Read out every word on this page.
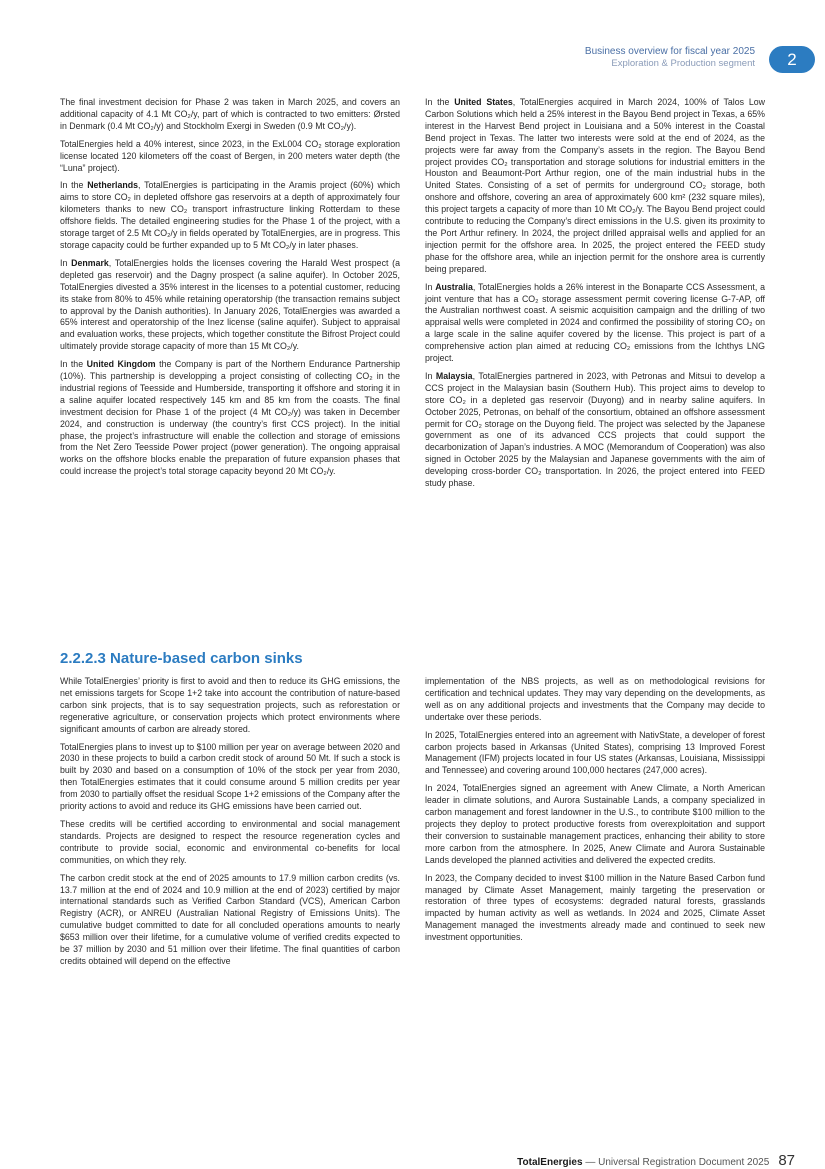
Business overview for fiscal year 2025
Exploration & Production segment	2

The final investment decision for Phase 2 was taken in March 2025, and covers an additional capacity of 4.1 Mt CO₂/y, part of which is contracted to two emitters: Ørsted in Denmark (0.4 Mt CO₂/y) and Stockholm Exergi in Sweden (0.9 Mt CO₂/y).

TotalEnergies held a 40% interest, since 2023, in the ExL004 CO₂ storage exploration license located 120 kilometers off the coast of Bergen, in 200 meters water depth (the “Luna” project).

In the Netherlands, TotalEnergies is participating in the Aramis project (60%) which aims to store CO₂ in depleted offshore gas reservoirs at a depth of approximately four kilometers thanks to new CO₂ transport infrastructure linking Rotterdam to these offshore fields. The detailed engineering studies for the Phase 1 of the project, with a storage target of 2.5 Mt CO₂/y in fields operated by TotalEnergies, are in progress. This storage capacity could be further expanded up to 5 Mt CO₂/y in later phases.

In Denmark, TotalEnergies holds the licenses covering the Harald West prospect (a depleted gas reservoir) and the Dagny prospect (a saline aquifer). In October 2025, TotalEnergies divested a 35% interest in the licenses to a potential customer, reducing its stake from 80% to 45% while retaining operatorship (the transaction remains subject to approval by the Danish authorities). In January 2026, TotalEnergies was awarded a 65% interest and operatorship of the Inez license (saline aquifer). Subject to appraisal and evaluation works, these projects, which together constitute the Bifrost Project could ultimately provide storage capacity of more than 15 Mt CO₂/y.

In the United Kingdom the Company is part of the Northern Endurance Partnership (10%). This partnership is developping a project consisting of collecting CO₂ in the industrial regions of Teesside and Humberside, transporting it offshore and storing it in a saline aquifer located respectively 145 km and 85 km from the coasts. The final investment decision for Phase 1 of the project (4 Mt CO₂/y) was taken in December 2024, and construction is underway (the country’s first CCS project). In the initial phase, the project’s infrastructure will enable the collection and storage of emissions from the Net Zero Teesside Power project (power generation). The ongoing appraisal works on the offshore blocks enable the preparation of future expansion phases that could increase the project’s total storage capacity beyond 20 Mt CO₂/y.

In the United States, TotalEnergies acquired in March 2024, 100% of Talos Low Carbon Solutions which held a 25% interest in the Bayou Bend project in Texas, a 65% interest in the Harvest Bend project in Louisiana and a 50% interest in the Coastal Bend project in Texas. The latter two interests were sold at the end of 2024, as the projects were far away from the Company’s assets in the region. The Bayou Bend project provides CO₂ transportation and storage solutions for industrial emitters in the Houston and Beaumont-Port Arthur region, one of the main industrial hubs in the United States. Consisting of a set of permits for underground CO₂ storage, both onshore and offshore, covering an area of approximately 600 km² (232 square miles), this project targets a capacity of more than 10 Mt CO₂/y. The Bayou Bend project could contribute to reducing the Company’s direct emissions in the U.S. given its proximity to the Port Arthur refinery. In 2024, the project drilled appraisal wells and applied for an injection permit for the offshore area. In 2025, the project entered the FEED study phase for the offshore area, while an injection permit for the onshore area is currently being prepared.

In Australia, TotalEnergies holds a 26% interest in the Bonaparte CCS Assessment, a joint venture that has a CO₂ storage assessment permit covering license G-7-AP, off the Australian northwest coast. A seismic acquisition campaign and the drilling of two appraisal wells were completed in 2024 and confirmed the possibility of storing CO₂ on a large scale in the saline aquifer covered by the license. This project is part of a comprehensive action plan aimed at reducing CO₂ emissions from the Ichthys LNG project.

In Malaysia, TotalEnergies partnered in 2023, with Petronas and Mitsui to develop a CCS project in the Malaysian basin (Southern Hub). This project aims to develop to store CO₂ in a depleted gas reservoir (Duyong) and in nearby saline aquifers. In October 2025, Petronas, on behalf of the consortium, obtained an offshore assessment permit for CO₂ storage on the Duyong field. The project was selected by the Japanese government as one of its advanced CCS projects that could support the decarbonization of Japan’s industries. A MOC (Memorandum of Cooperation) was also signed in October 2025 by the Malaysian and Japanese governments with the aim of developing cross-border CO₂ transportation. In 2026, the project entered into FEED study phase.

2.2.2.3 Nature-based carbon sinks

While TotalEnergies’ priority is first to avoid and then to reduce its GHG emissions, the net emissions targets for Scope 1+2 take into account the contribution of nature-based carbon sink projects, that is to say sequestration projects, such as reforestation or regenerative agriculture, or conservation projects which protect environments where significant amounts of carbon are already stored.

TotalEnergies plans to invest up to $100 million per year on average between 2020 and 2030 in these projects to build a carbon credit stock of around 50 Mt. If such a stock is built by 2030 and based on a consumption of 10% of the stock per year from 2030, then TotalEnergies estimates that it could consume around 5 million credits per year from 2030 to partially offset the residual Scope 1+2 emissions of the Company after the priority actions to avoid and reduce its GHG emissions have been carried out.

These credits will be certified according to environmental and social management standards. Projects are designed to respect the resource regeneration cycles and contribute to provide social, economic and environmental co-benefits for local communities, on which they rely.

The carbon credit stock at the end of 2025 amounts to 17.9 million carbon credits (vs. 13.7 million at the end of 2024 and 10.9 million at the end of 2023) certified by major international standards such as Verified Carbon Standard (VCS), American Carbon Registry (ACR), or ANREU (Australian National Registry of Emissions Units). The cumulative budget committed to date for all concluded operations amounts to nearly $653 million over their lifetime, for a cumulative volume of verified credits expected to be 37 million by 2030 and 51 million over their lifetime. The final quantities of carbon credits obtained will depend on the effective

implementation of the NBS projects, as well as on methodological revisions for certification and technical updates. They may vary depending on the developments, as well as on any additional projects and investments that the Company may decide to undertake over these periods.

In 2025, TotalEnergies entered into an agreement with NativState, a developer of forest carbon projects based in Arkansas (United States), comprising 13 Improved Forest Management (IFM) projects located in four US states (Arkansas, Louisiana, Mississippi and Tennessee) and covering around 100,000 hectares (247,000 acres).

In 2024, TotalEnergies signed an agreement with Anew Climate, a North American leader in climate solutions, and Aurora Sustainable Lands, a company specialized in carbon management and forest landowner in the U.S., to contribute $100 million to the projects they deploy to protect productive forests from overexploitation and support their conversion to sustainable management practices, enhancing their ability to store more carbon from the atmosphere. In 2025, Anew Climate and Aurora Sustainable Lands developed the planned activities and delivered the expected credits.

In 2023, the Company decided to invest $100 million in the Nature Based Carbon fund managed by Climate Asset Management, mainly targeting the preservation or restoration of three types of ecosystems: degraded natural forests, grasslands impacted by human activity as well as wetlands. In 2024 and 2025, Climate Asset Management managed the investments already made and continued to seek new investment opportunities.

TotalEnergies — Universal Registration Document 2025 87
